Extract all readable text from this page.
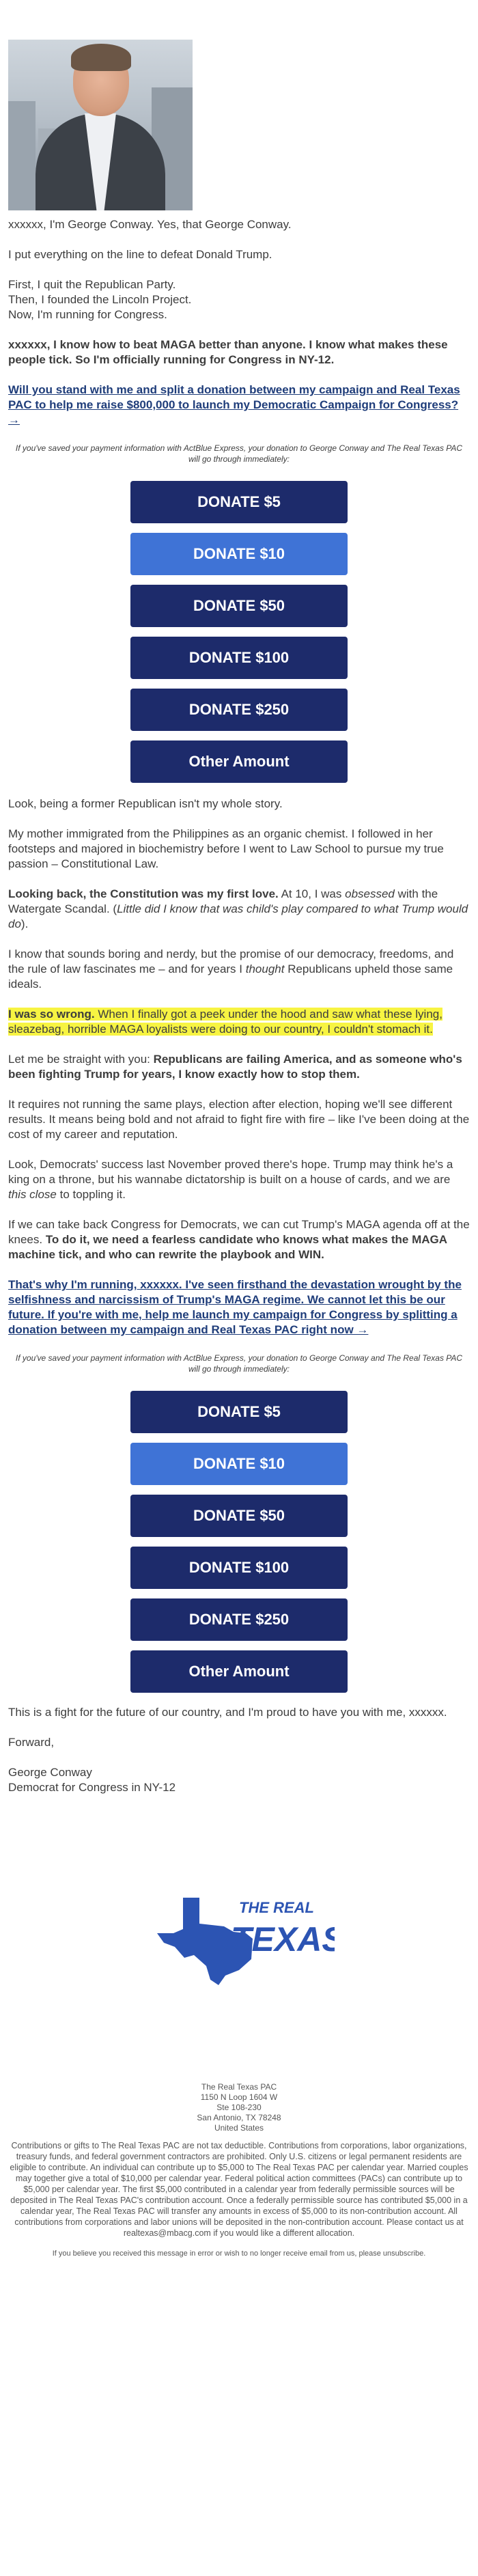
xxxxxx, I'm George Conway. Yes, that George Conway.

I put everything on the line to defeat Donald Trump.

First, I quit the Republican Party.

Then, I founded the Lincoln Project.

Now, I'm running for Congress.

xxxxxx, I know how to beat MAGA better than anyone. I know what makes these people tick. So I'm officially running for Congress in NY-12.

Will you stand with me and split a donation between my campaign and Real Texas PAC to help me raise $800,000 to launch my Democratic Campaign for Congress? →

If you've saved your payment information with ActBlue Express, your donation to George Conway and The Real Texas PAC will go through immediately:
DONATE $5
DONATE $10
DONATE $50
DONATE $100
DONATE $250
Other Amount

Look, being a former Republican isn't my whole story.

My mother immigrated from the Philippines as an organic chemist. I followed in her footsteps and majored in biochemistry before I went to Law School to pursue my true passion – Constitutional Law.

Looking back, the Constitution was my first love. At 10, I was obsessed with the Watergate Scandal. (Little did I know that was child's play compared to what Trump would do).

I know that sounds boring and nerdy, but the promise of our democracy, freedoms, and the rule of law fascinates me – and for years I thought Republicans upheld those same ideals.

I was so wrong. When I finally got a peek under the hood and saw what these lying, sleazebag, horrible MAGA loyalists were doing to our country, I couldn't stomach it.

Let me be straight with you: Republicans are failing America, and as someone who's been fighting Trump for years, I know exactly how to stop them.

It requires not running the same plays, election after election, hoping we'll see different results. It means being bold and not afraid to fight fire with fire – like I've been doing at the cost of my career and reputation.

Look, Democrats' success last November proved there's hope. Trump may think he's a king on a throne, but his wannabe dictatorship is built on a house of cards, and we are this close to toppling it.

If we can take back Congress for Democrats, we can cut Trump's MAGA agenda off at the knees. To do it, we need a fearless candidate who knows what makes the MAGA machine tick, and who can rewrite the playbook and WIN.

That's why I'm running, xxxxxx. I've seen firsthand the devastation wrought by the selfishness and narcissism of Trump's MAGA regime. We cannot let this be our future. If you're with me, help me launch my campaign for Congress by splitting a donation between my campaign and Real Texas PAC right now →

If you've saved your payment information with ActBlue Express, your donation to George Conway and The Real Texas PAC will go through immediately:
DONATE $5
DONATE $10
DONATE $50
DONATE $100
DONATE $250
Other Amount

This is a fight for the future of our country, and I'm proud to have you with me, xxxxxx.

Forward,

George Conway

Democrat for Congress in NY-12

THE REAL
TEXAS
The Real Texas PAC
1150 N Loop 1604 W
Ste 108-230
San Antonio, TX 78248
United States
Contributions or gifts to The Real Texas PAC are not tax deductible. Contributions from corporations, labor organizations, treasury funds, and federal government contractors are prohibited. Only U.S. citizens or legal permanent residents are eligible to contribute. An individual can contribute up to $5,000 to The Real Texas PAC per calendar year. Married couples may together give a total of $10,000 per calendar year. Federal political action committees (PACs) can contribute up to $5,000 per calendar year. The first $5,000 contributed in a calendar year from federally permissible sources will be deposited in The Real Texas PAC's contribution account. Once a federally permissible source has contributed $5,000 in a calendar year, The Real Texas PAC will transfer any amounts in excess of $5,000 to its non-contribution account. All contributions from corporations and labor unions will be deposited in the non-contribution account. Please contact us at realtexas@mbacg.com if you would like a different allocation.
If you believe you received this message in error or wish to no longer receive email from us, please unsubscribe.
